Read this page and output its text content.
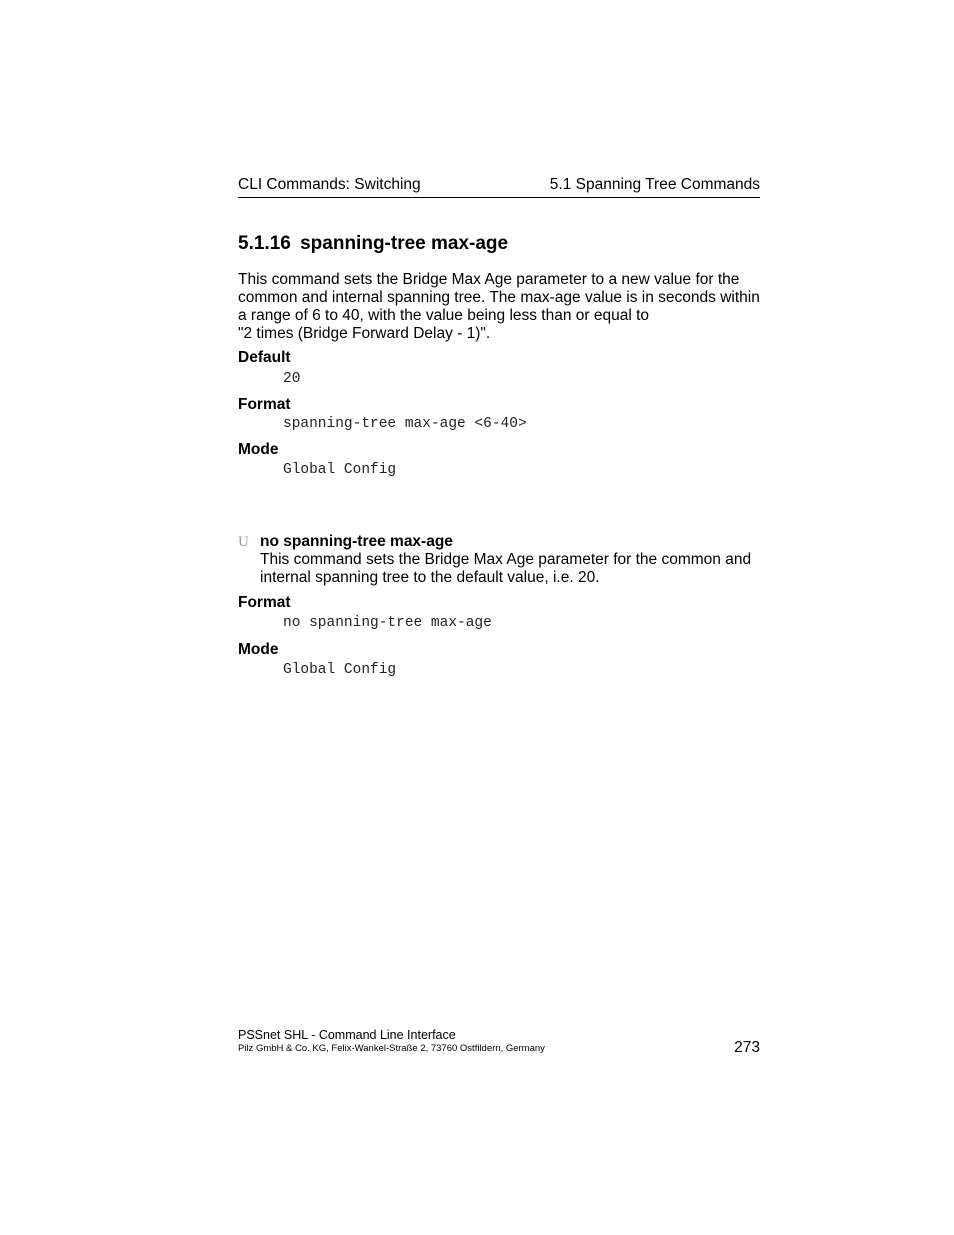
CLI Commands: Switching	5.1 Spanning Tree Commands
5.1.16 spanning-tree max-age
This command sets the Bridge Max Age parameter to a new value for the
common and internal spanning tree. The max-age value is in seconds within
a range of 6 to 40, with the value being less than or equal to
"2 times (Bridge Forward Delay - 1)".
Default
20
Format
spanning-tree max-age <6-40>
Mode
Global Config
U no spanning-tree max-age
This command sets the Bridge Max Age parameter for the common and
internal spanning tree to the default value, i.e. 20.
Format
no spanning-tree max-age
Mode
Global Config
PSSnet SHL - Command Line Interface
Pilz GmbH & Co. KG, Felix-Wankel-Straße 2, 73760 Ostfildern, Germany	273
